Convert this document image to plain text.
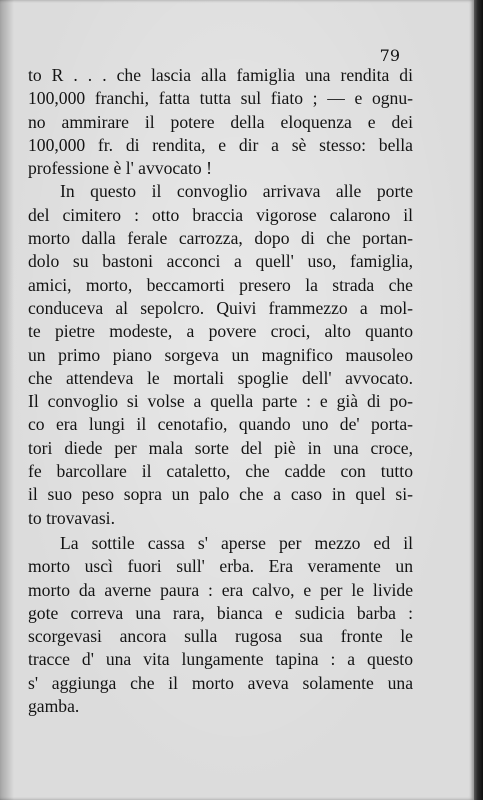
79
to R . . . che lascia alla famiglia una rendita di
100,000 franchi, fatta tutta sul fiato ; — e ognu-
no ammirare il potere della eloquenza e dei
100,000 fr. di rendita, e dir a sè stesso: bella
professione è l' avvocato !
In questo il convoglio arrivava alle porte
del cimitero : otto braccia vigorose calarono il
morto dalla ferale carrozza, dopo di che portan-
dolo su bastoni acconci a quell' uso, famiglia,
amici, morto, beccamorti presero la strada che
conduceva al sepolcro. Quivi frammezzo a mol-
te pietre modeste, a povere croci, alto quanto
un primo piano sorgeva un magnifico mausoleo
che attendeva le mortali spoglie dell' avvocato.
Il convoglio si volse a quella parte : e già di po-
co era lungi il cenotafio, quando uno de' porta-
tori diede per mala sorte del piè in una croce,
fe barcollare il cataletto, che cadde con tutto
il suo peso sopra un palo che a caso in quel si-
to trovavasi.
La sottile cassa s' aperse per mezzo ed il
morto uscì fuori sull' erba. Era veramente un
morto da averne paura : era calvo, e per le livide
gote correva una rara, bianca e sudicia barba :
scorgevasi ancora sulla rugosa sua fronte le
tracce d' una vita lungamente tapina : a questo
s' aggiunga che il morto aveva solamente una
gamba.
